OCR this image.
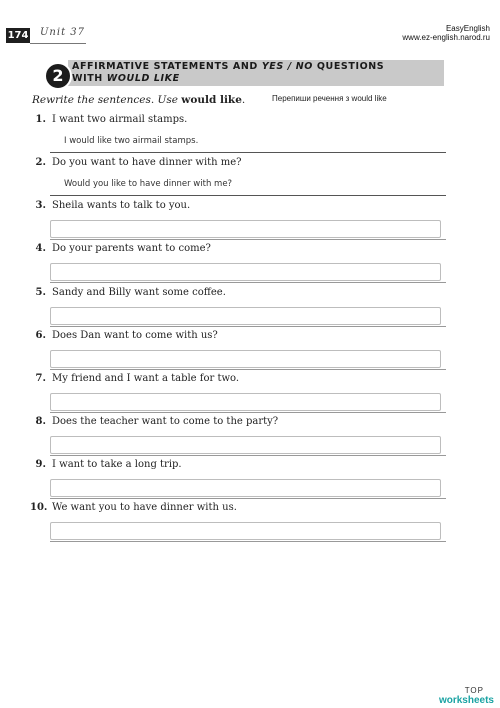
174 Unit 37	EasyEnglish
www.ez-english.narod.ru
AFFIRMATIVE STATEMENTS AND YES / NO QUESTIONS
WITH WOULD LIKE
2
Rewrite the sentences. Use would like.	Перепиши речення з would like
1. I want two airmail stamps.
I would like two airmail stamps.
2. Do you want to have dinner with me?
Would you like to have dinner with me?
3. Sheila wants to talk to you.
4. Do your parents want to come?
5. Sandy and Billy want some coffee.
6. Does Dan want to come with us?
7. My friend and I want a table for two.
8. Does the teacher want to come to the party?
9. I want to take a long trip.
10. We want you to have dinner with us.
TOP
worksheets
